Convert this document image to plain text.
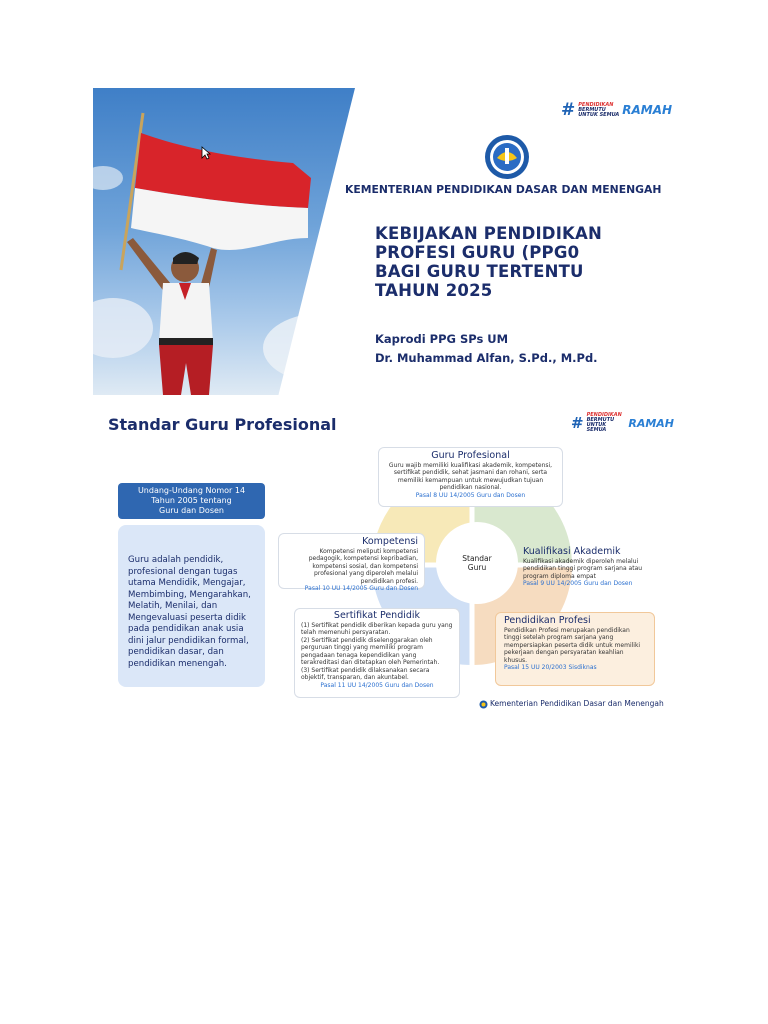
# PENDIDIKAN
BERMUTU
UNTUK SEMUA RAMAH
KEMENTERIAN PENDIDIKAN DASAR DAN MENENGAH
KEBIJAKAN PENDIDIKAN
PROFESI GURU (PPG0
BAGI GURU TERTENTU
TAHUN 2025
Kaprodi PPG SPs UM
Dr. Muhammad Alfan, S.Pd., M.Pd.
Standar Guru Profesional	# PENDIDIKAN
BERMUTU
UNTUK SEMUA
RAMAH
Undang-Undang Nomor 14
Tahun 2005 tentang
Guru dan Dosen
Guru adalah pendidik, profesional dengan tugas utama Mendidik, Mengajar, Membimbing, Mengarahkan, Melatih, Menilai, dan Mengevaluasi peserta didik pada pendidikan anak usia dini jalur pendidikan formal, pendidikan dasar, dan pendidikan menengah.
Standar
Guru
Guru Profesional
Guru wajib memiliki kualifikasi akademik, kompetensi, sertifikat pendidik, sehat jasmani dan rohani, serta memiliki kemampuan untuk mewujudkan tujuan pendidikan nasional.
Pasal 8 UU 14/2005 Guru dan Dosen
Kompetensi
Kompetensi meliputi kompetensi pedagogik, kompetensi kepribadian, kompetensi sosial, dan kompetensi profesional yang diperoleh melalui pendidikan profesi.
Pasal 10 UU 14/2005 Guru dan Dosen
Kualifikasi Akademik
Kualifikasi akademik diperoleh melalui pendidikan tinggi program sarjana atau program diploma empat
Pasal 9 UU 14/2005 Guru dan Dosen
Sertifikat Pendidik
(1) Sertifikat pendidik diberikan kepada guru yang telah memenuhi persyaratan.
(2) Sertifikat pendidik diselenggarakan oleh perguruan tinggi yang memiliki program pengadaan tenaga kependidikan yang terakreditasi dan ditetapkan oleh Pemerintah.
(3) Sertifikat pendidik dilaksanakan secara objektif, transparan, dan akuntabel.
Pasal 11 UU 14/2005 Guru dan Dosen
Pendidikan Profesi
Pendidikan Profesi merupakan pendidikan tinggi setelah program sarjana yang mempersiapkan peserta didik untuk memiliki pekerjaan dengan persyaratan keahlian khusus.
Pasal 15 UU 20/2003 Sisdiknas
Kementerian Pendidikan Dasar dan Menengah
